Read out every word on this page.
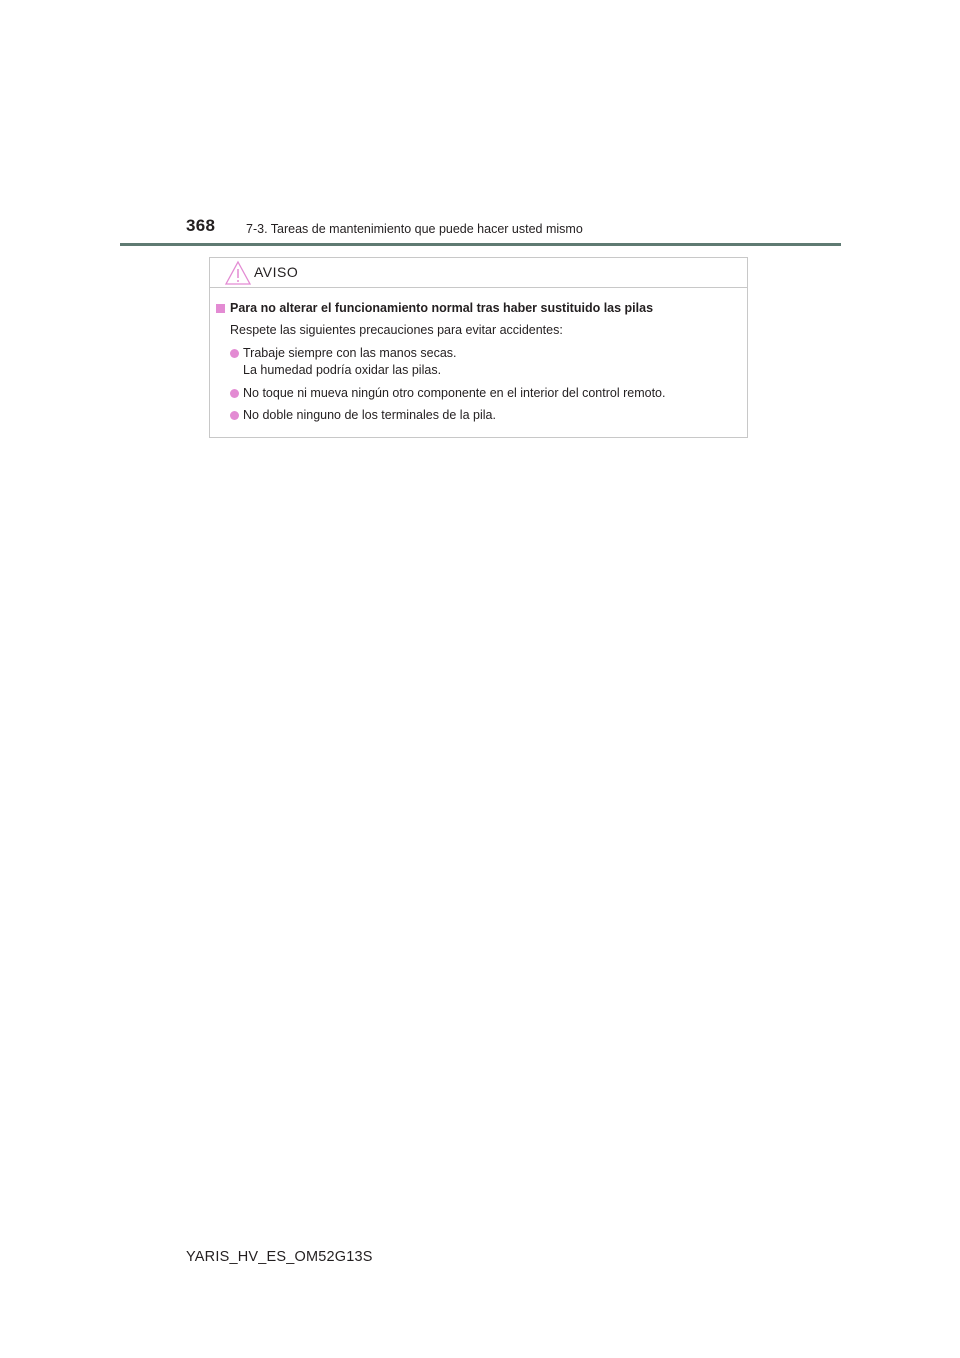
368 7-3. Tareas de mantenimiento que puede hacer usted mismo
AVISO
Para no alterar el funcionamiento normal tras haber sustituido las pilas
Respete las siguientes precauciones para evitar accidentes:
Trabaje siempre con las manos secas.
La humedad podría oxidar las pilas.
No toque ni mueva ningún otro componente en el interior del control remoto.
No doble ninguno de los terminales de la pila.
YARIS_HV_ES_OM52G13S
